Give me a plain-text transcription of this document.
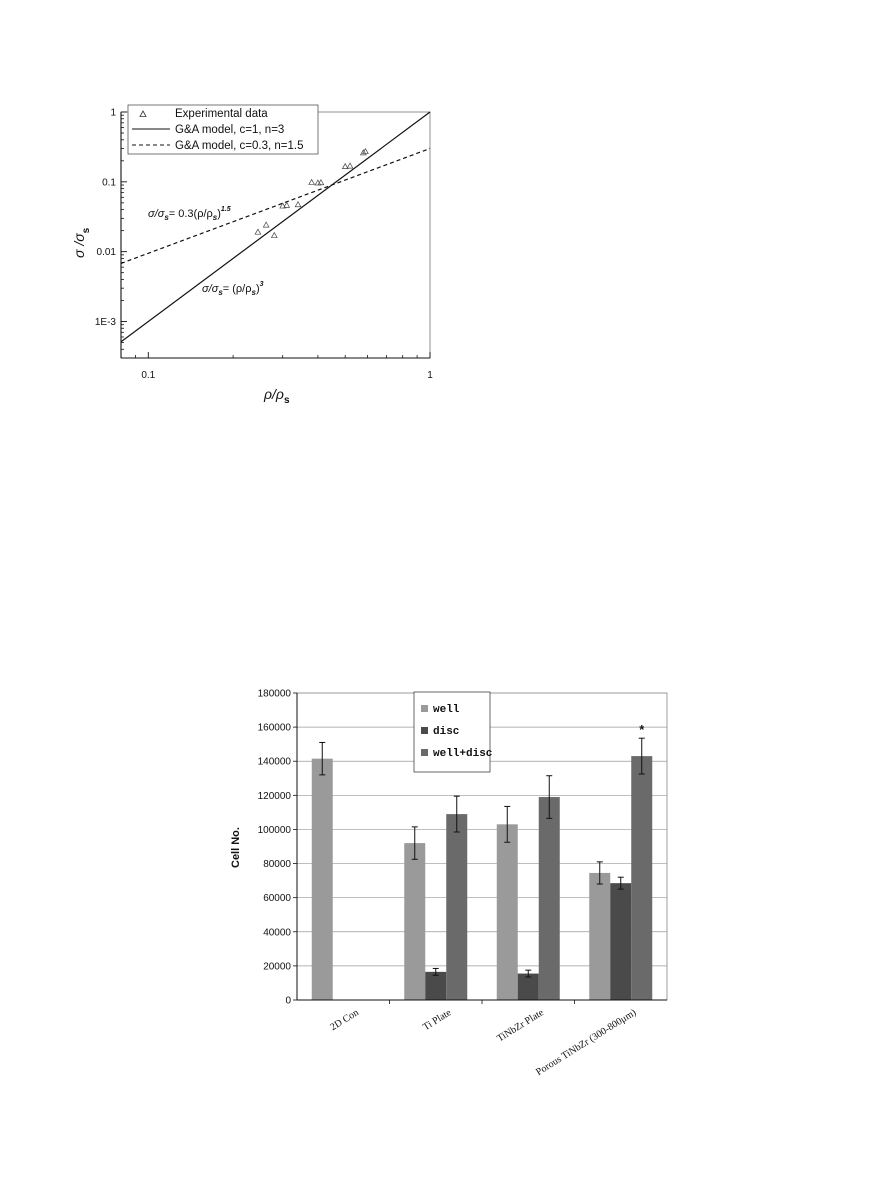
0.1	1
1
0.1
0.01
1E-3
Experimental data
G&A model, c=1, n=3
G&A model, c=0.3, n=1.5
$\sigma/\sigma_s= 0.3(\rho/\rho_s)^{1.5}$
$\sigma/\sigma_s= (\rho/\rho_s)^3$
$\rho/\rho_s$
σ $/\sigma_s$
*
0
20000
40000
60000
80000
100000
120000
140000
160000
180000
2D Con	Ti Plate	TiNbZr Plate
Porous TiNbZr (300-800μm)
well
disc
well+disc
Cell No.
